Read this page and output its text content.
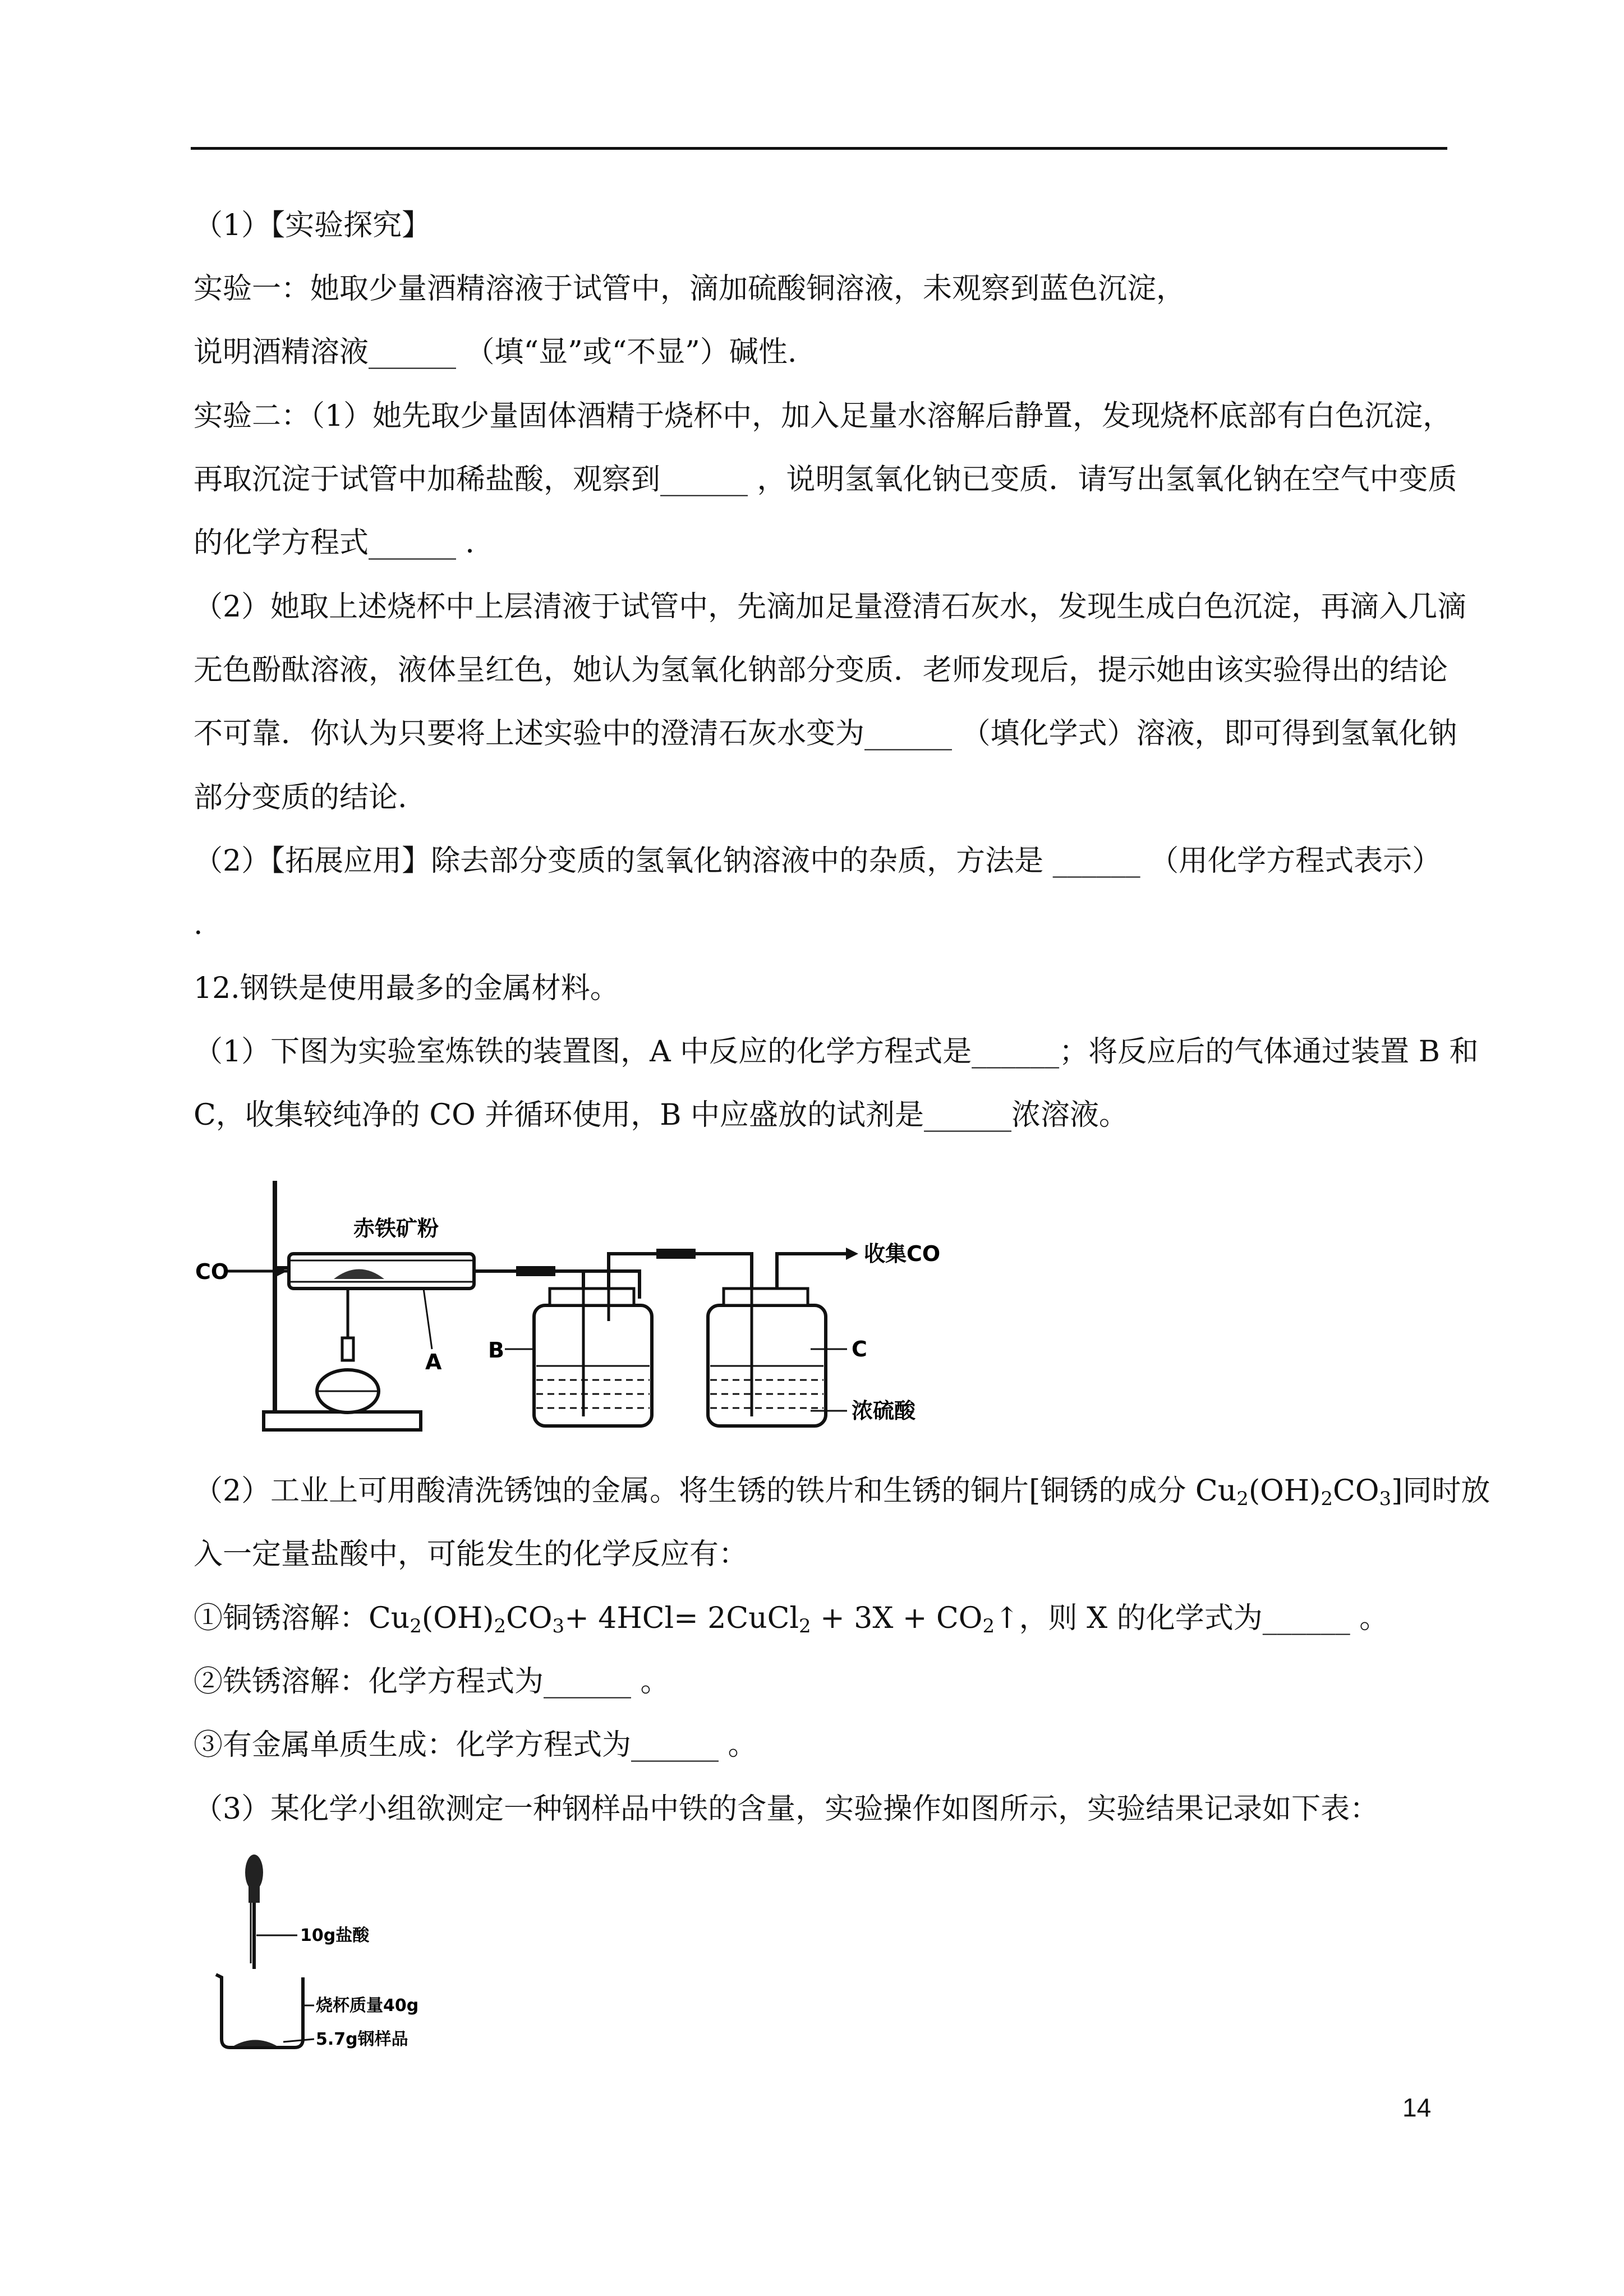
（1）【实验探究】
实验一：她取少量酒精溶液于试管中，滴加硫酸铜溶液，未观察到蓝色沉淀，
说明酒精溶液______ （填“显”或“不显”）碱性.
实验二：（1）她先取少量固体酒精于烧杯中，加入足量水溶解后静置，发现烧杯底部有白色沉淀，
再取沉淀于试管中加稀盐酸，观察到______ ，说明氢氧化钠已变质．请写出氢氧化钠在空气中变质
的化学方程式______ ．
（2）她取上述烧杯中上层清液于试管中，先滴加足量澄清石灰水，发现生成白色沉淀，再滴入几滴
无色酚酞溶液，液体呈红色，她认为氢氧化钠部分变质．老师发现后，提示她由该实验得出的结论
不可靠．你认为只要将上述实验中的澄清石灰水变为______ （填化学式）溶液，即可得到氢氧化钠
部分变质的结论.
（2）【拓展应用】除去部分变质的氢氧化钠溶液中的杂质，方法是 ______ （用化学方程式表示）
.
12.钢铁是使用最多的金属材料。
（1）下图为实验室炼铁的装置图，A 中反应的化学方程式是______；将反应后的气体通过装置 B 和
C，收集较纯净的 CO 并循环使用，B 中应盛放的试剂是______浓溶液。
CO
赤铁矿粉
收集CO
A B	C
浓硫酸
（2）工业上可用酸清洗锈蚀的金属。将生锈的铁片和生锈的铜片[铜锈的成分 $Cu_2(OH)_2CO_3$]同时放
入一定量盐酸中，可能发生的化学反应有：
①铜锈溶解：$Cu_2(OH)_2CO_3+ 4HCl=$ 2CuCl$_2$ + $3X + CO_2↑$，则 X 的化学式为______ 。
②铁锈溶解：化学方程式为______ 。
③有金属单质生成：化学方程式为______ 。
（3）某化学小组欲测定一种钢样品中铁的含量，实验操作如图所示，实验结果记录如下表：
10g盐酸
烧杯质量40g
5.7g钢样品
14
